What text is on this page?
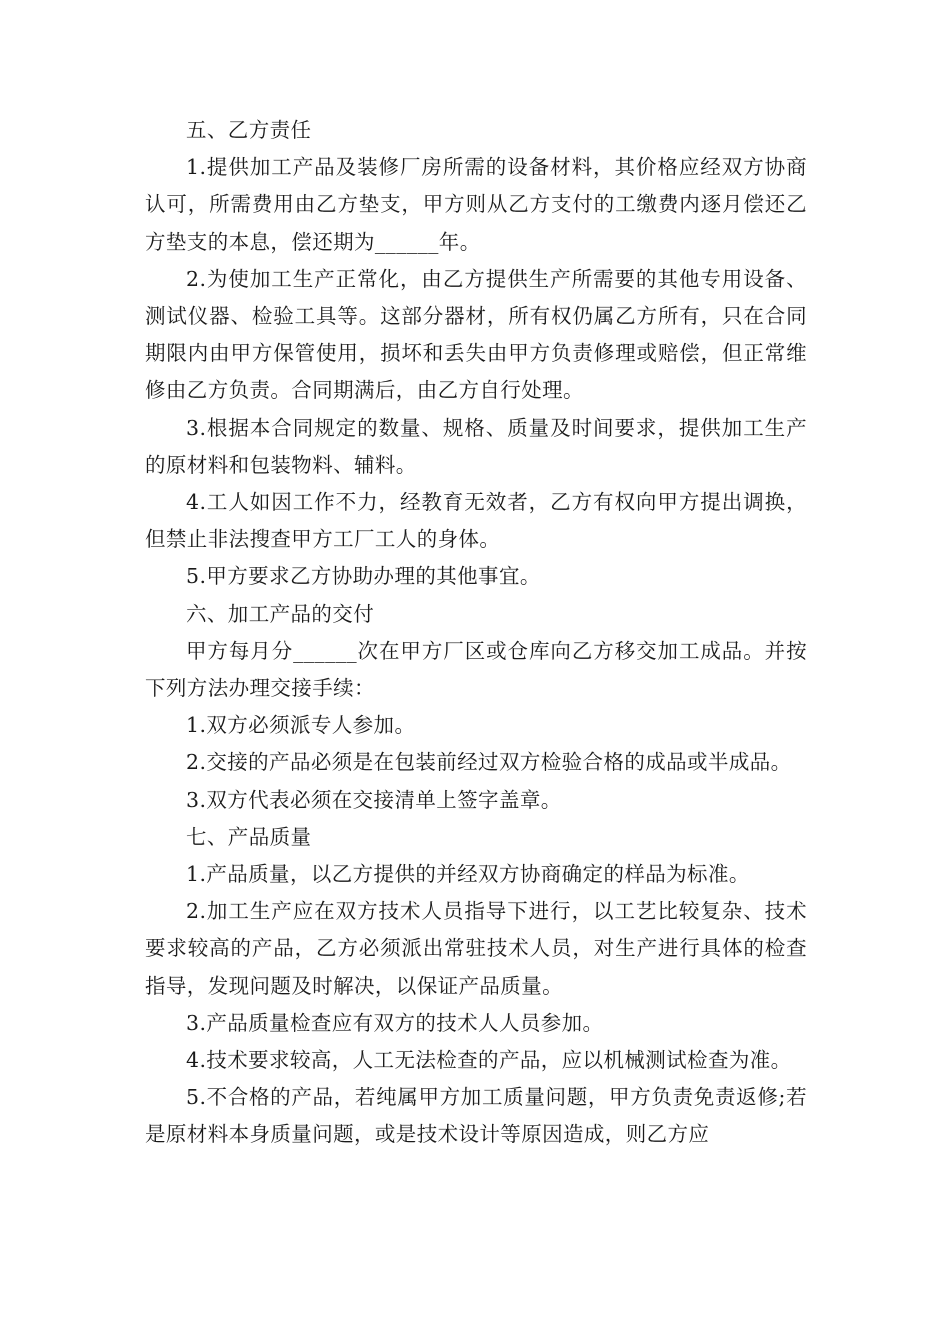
五、乙方责任

1.提供加工产品及装修厂房所需的设备材料，其价格应经双方协商认可，所需费用由乙方垫支，甲方则从乙方支付的工缴费内逐月偿还乙方垫支的本息，偿还期为______年。

2.为使加工生产正常化，由乙方提供生产所需要的其他专用设备、测试仪器、检验工具等。这部分器材，所有权仍属乙方所有，只在合同期限内由甲方保管使用，损坏和丢失由甲方负责修理或赔偿，但正常维修由乙方负责。合同期满后，由乙方自行处理。

3.根据本合同规定的数量、规格、质量及时间要求，提供加工生产的原材料和包装物料、辅料。

4.工人如因工作不力，经教育无效者，乙方有权向甲方提出调换，但禁止非法搜查甲方工厂工人的身体。

5.甲方要求乙方协助办理的其他事宜。

六、加工产品的交付

甲方每月分______次在甲方厂区或仓库向乙方移交加工成品。并按下列方法办理交接手续：

1.双方必须派专人参加。

2.交接的产品必须是在包装前经过双方检验合格的成品或半成品。

3.双方代表必须在交接清单上签字盖章。

七、产品质量

1.产品质量，以乙方提供的并经双方协商确定的样品为标准。

2.加工生产应在双方技术人员指导下进行，以工艺比较复杂、技术要求较高的产品，乙方必须派出常驻技术人员，对生产进行具体的检查指导，发现问题及时解决，以保证产品质量。

3.产品质量检查应有双方的技术人人员参加。

4.技术要求较高，人工无法检查的产品，应以机械测试检查为准。

5.不合格的产品，若纯属甲方加工质量问题，甲方负责免责返修;若是原材料本身质量问题，或是技术设计等原因造成，则乙方应
